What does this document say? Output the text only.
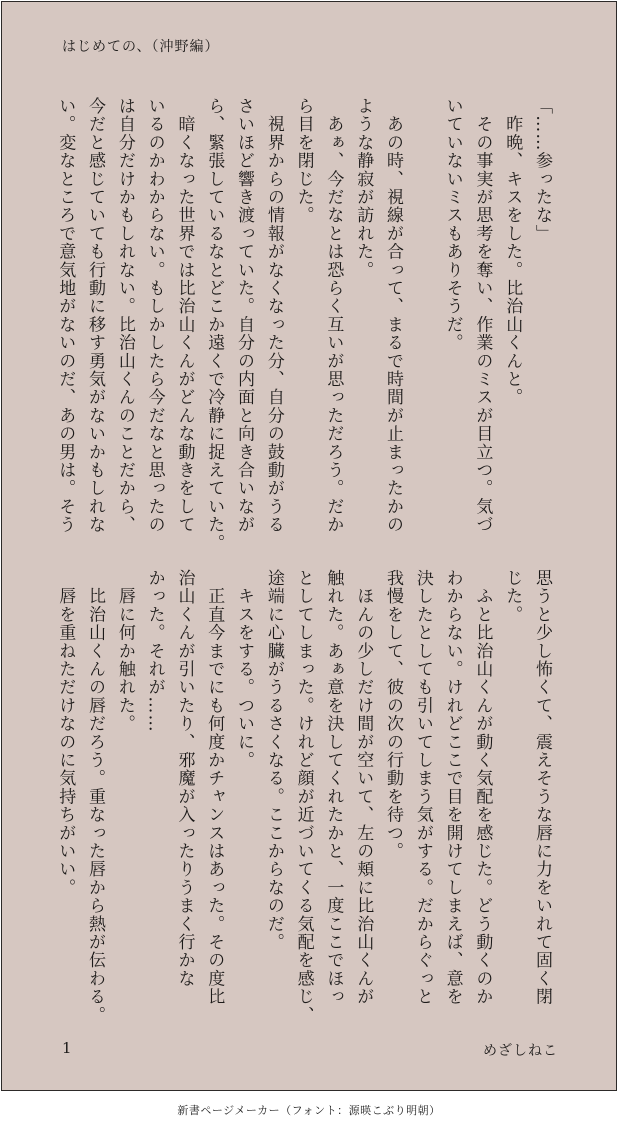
はじめての、（沖野編）
「……参ったな」
　昨晩、キスをした。比治山くんと。
　その事実が思考を奪い、作業のミスが目立つ。気づ
いていないミスもありそうだ。
　あの時、視線が合って、まるで時間が止まったかの
ような静寂が訪れた。
　あぁ、今だなとは恐らく互いが思っただろう。だか
ら目を閉じた。
　視界からの情報がなくなった分、自分の鼓動がうる
さいほど響き渡っていた。自分の内面と向き合いなが
ら、緊張しているなとどこか遠くで冷静に捉えていた。
　暗くなった世界では比治山くんがどんな動きをして
いるのかわからない。もしかしたら今だなと思ったの
は自分だけかもしれない。比治山くんのことだから、
今だと感じていても行動に移す勇気がないかもしれな
い。変なところで意気地がないのだ、あの男は。そう
思うと少し怖くて、震えそうな唇に力をいれて固く閉
じた。
　ふと比治山くんが動く気配を感じた。どう動くのか
わからない。けれどここで目を開けてしまえば、意を
決したとしても引いてしまう気がする。だからぐっと
我慢をして、彼の次の行動を待つ。
　ほんの少しだけ間が空いて、左の頬に比治山くんが
触れた。あぁ意を決してくれたかと、一度ここでほっ
としてしまった。けれど顔が近づいてくる気配を感じ、
途端に心臓がうるさくなる。ここからなのだ。
　キスをする。ついに。
　正直今までにも何度かチャンスはあった。その度比
治山くんが引いたり、邪魔が入ったりうまく行かな
かった。それが……
　唇に何か触れた。
　比治山くんの唇だろう。重なった唇から熱が伝わる。
　唇を重ねただけなのに気持ちがいい。
1	めざしねこ
新書ページメーカー（フォント：源暎こぶり明朝）
